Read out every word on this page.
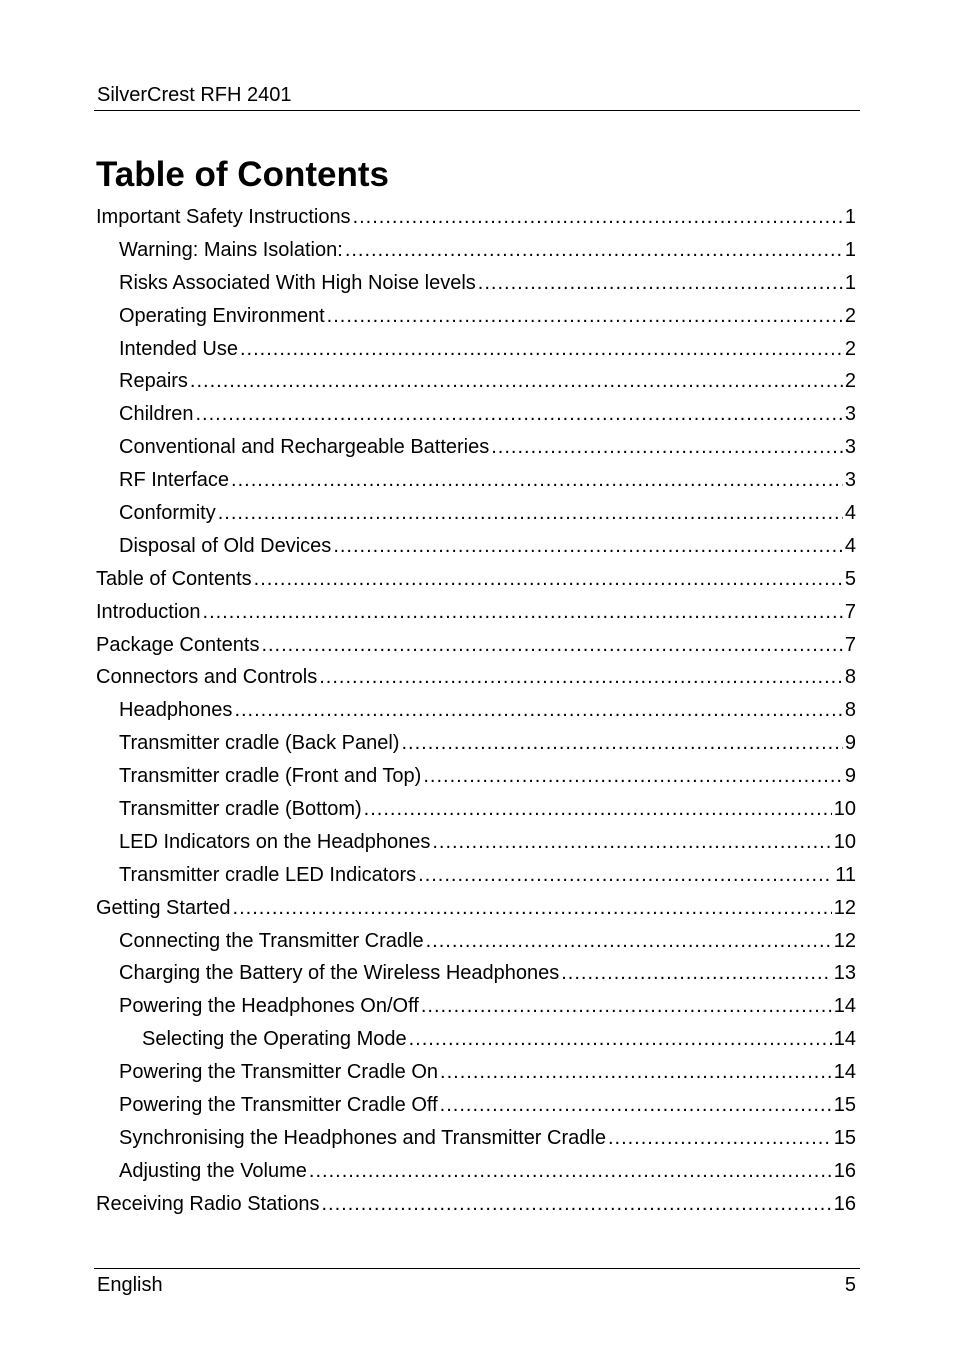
SilverCrest RFH 2401
Table of Contents
Important Safety Instructions .....	1
Warning: Mains Isolation: .....	1
Risks Associated With High Noise levels .....	1
Operating Environment .....	2
Intended Use .....	2
Repairs .....	2
Children .....	3
Conventional and Rechargeable Batteries .....	3
RF Interface .....	3
Conformity .....	4
Disposal of Old Devices .....	4
Table of Contents .....	5
Introduction .....	7
Package Contents .....	7
Connectors and Controls .....	8
Headphones .....	8
Transmitter cradle (Back Panel) .....	9
Transmitter cradle (Front and Top) .....	9
Transmitter cradle (Bottom) .....	10
LED Indicators on the Headphones .....	10
Transmitter cradle LED Indicators .....	11
Getting Started .....	12
Connecting the Transmitter Cradle .....	12
Charging the Battery of the Wireless Headphones .....	13
Powering the Headphones On/Off .....	14
Selecting the Operating Mode .....	14
Powering the Transmitter Cradle On .....	14
Powering the Transmitter Cradle Off .....	15
Synchronising the Headphones and Transmitter Cradle .....	15
Adjusting the Volume .....	16
Receiving Radio Stations .....	16
English	5
